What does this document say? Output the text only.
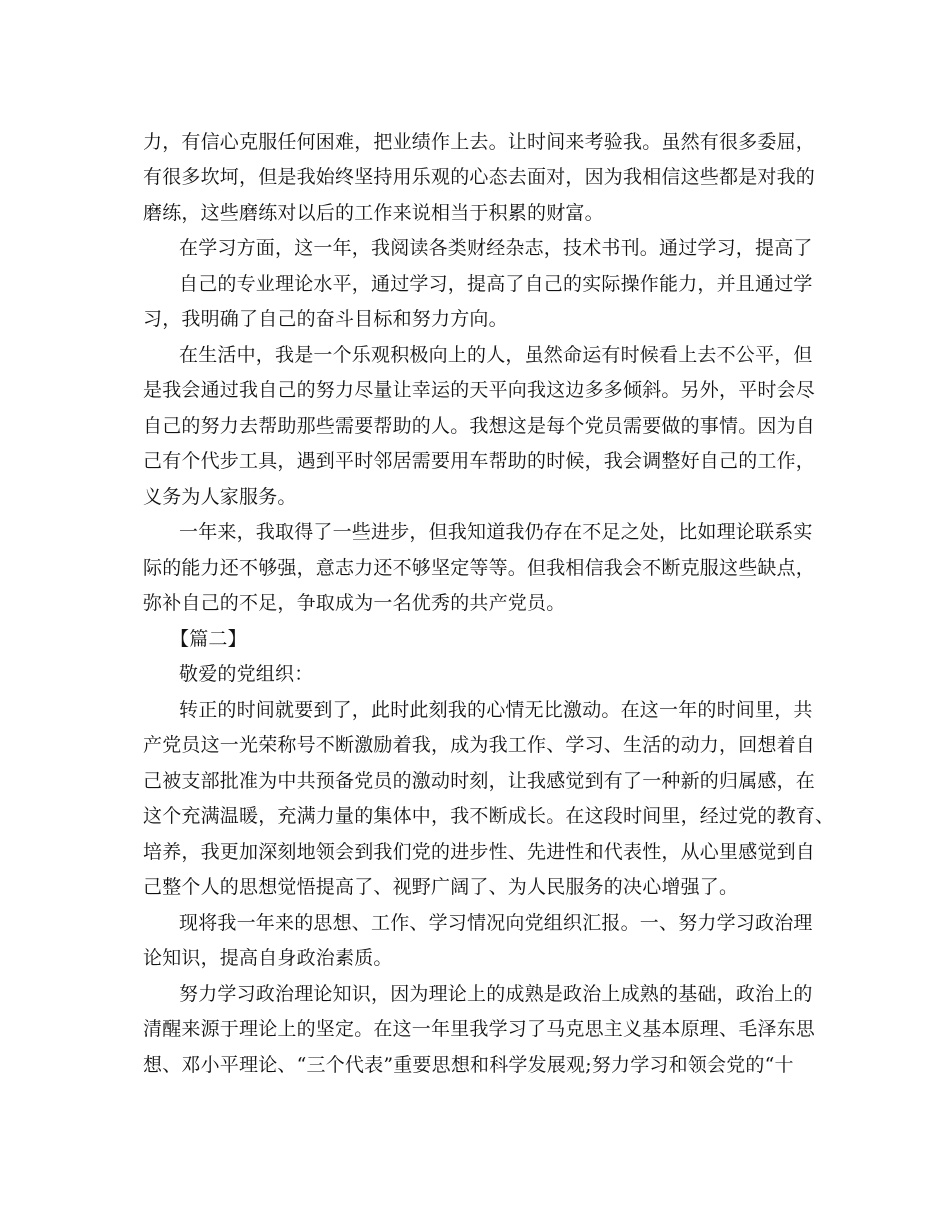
力，有信心克服任何困难，把业绩作上去。让时间来考验我。虽然有很多委屈，
有很多坎坷，但是我始终坚持用乐观的心态去面对，因为我相信这些都是对我的
磨练，这些磨练对以后的工作来说相当于积累的财富。
在学习方面，这一年，我阅读各类财经杂志，技术书刊。通过学习，提高了
自己的专业理论水平，通过学习，提高了自己的实际操作能力，并且通过学
习，我明确了自己的奋斗目标和努力方向。
在生活中，我是一个乐观积极向上的人，虽然命运有时候看上去不公平，但
是我会通过我自己的努力尽量让幸运的天平向我这边多多倾斜。另外，平时会尽
自己的努力去帮助那些需要帮助的人。我想这是每个党员需要做的事情。因为自
己有个代步工具，遇到平时邻居需要用车帮助的时候，我会调整好自己的工作，
义务为人家服务。
一年来，我取得了一些进步，但我知道我仍存在不足之处，比如理论联系实
际的能力还不够强，意志力还不够坚定等等。但我相信我会不断克服这些缺点，
弥补自己的不足，争取成为一名优秀的共产党员。
【篇二】
敬爱的党组织：
转正的时间就要到了，此时此刻我的心情无比激动。在这一年的时间里，共
产党员这一光荣称号不断激励着我，成为我工作、学习、生活的动力，回想着自
己被支部批准为中共预备党员的激动时刻，让我感觉到有了一种新的归属感，在
这个充满温暖，充满力量的集体中，我不断成长。在这段时间里，经过党的教育、
培养，我更加深刻地领会到我们党的进步性、先进性和代表性，从心里感觉到自
己整个人的思想觉悟提高了、视野广阔了、为人民服务的决心增强了。
现将我一年来的思想、工作、学习情况向党组织汇报。一、努力学习政治理
论知识，提高自身政治素质。
努力学习政治理论知识，因为理论上的成熟是政治上成熟的基础，政治上的
清醒来源于理论上的坚定。在这一年里我学习了马克思主义基本原理、毛泽东思
想、邓小平理论、“三个代表”重要思想和科学发展观;努力学习和领会党的“十
